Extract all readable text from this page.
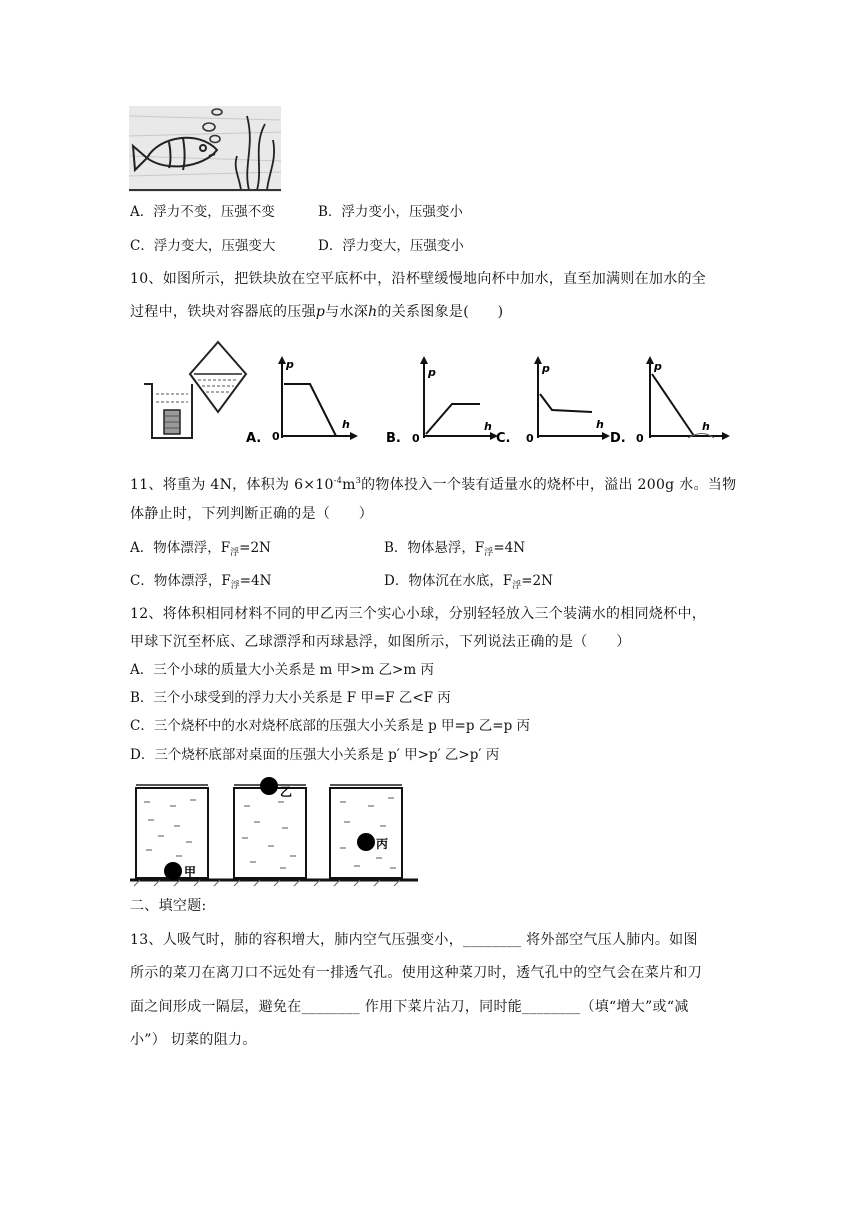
A．浮力不变，压强不变	B．浮力变小，压强变小
C．浮力变大，压强变大	D．浮力变大，压强变小
10、如图所示，把铁块放在空平底杯中，沿杯壁缓慢地向杯中加水，直至加满则在加水的全
过程中，铁块对容器底的压强p与水深h的关系图象是(　　)
p
h
0
A.
p
h
0
B.	C.
p
h
0	D.
p
h
0
11、将重为 4N，体积为 $6\times 10^{-4}m^3$的物体投入一个装有适量水的烧杯中，溢出 200g 水。当物
体静止时，下列判断正确的是（　　）
A．物体漂浮，$F_浮=2N$	B．物体悬浮，$F_浮=4N$
C．物体漂浮，$F_浮=4N$	D．物体沉在水底，$F_浮=2N$
12、将体积相同材料不同的甲乙丙三个实心小球，分别轻轻放入三个装满水的相同烧杯中，
甲球下沉至杯底、乙球漂浮和丙球悬浮，如图所示，下列说法正确的是（　　）
A．三个小球的质量大小关系是 m 甲>m 乙>m 丙
B．三个小球受到的浮力大小关系是 F 甲=F 乙<F 丙
C．三个烧杯中的水对烧杯底部的压强大小关系是 p 甲=p 乙=p 丙
D．三个烧杯底部对桌面的压强大小关系是 p′ 甲>p′ 乙>p′ 丙
甲
乙
丙
二、填空题:
13、人吸气时，肺的容积增大，肺内空气压强变小，________ 将外部空气压人肺内。如图
所示的菜刀在离刀口不远处有一排透气孔。使用这种菜刀时，透气孔中的空气会在菜片和刀
面之间形成一隔层，避免在________ 作用下菜片沾刀，同时能________（填“增大”或“减
小”） 切菜的阻力。
